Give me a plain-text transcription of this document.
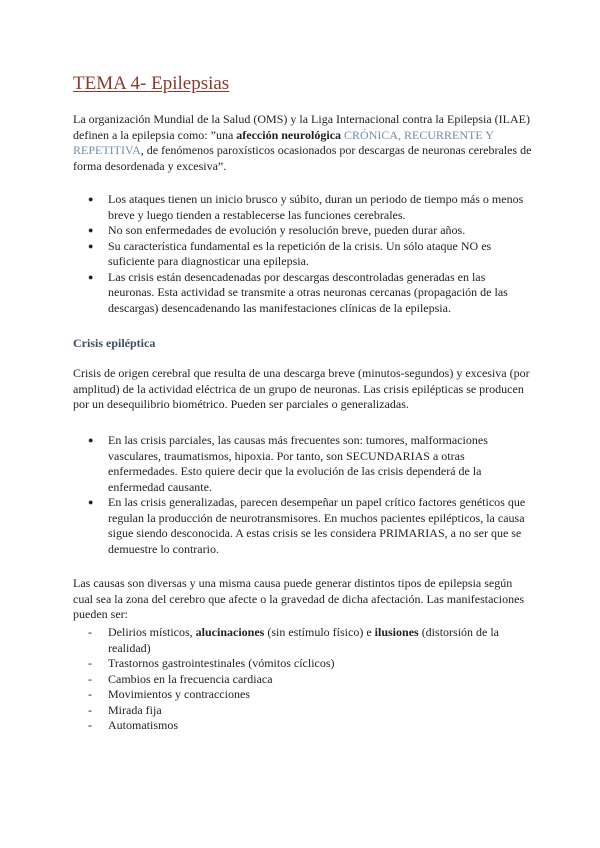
TEMA 4- Epilepsias

La organización Mundial de la Salud (OMS) y la Liga Internacional contra la Epilepsia (ILAE) definen a la epilepsia como: ”una afección neurológica CRÓNICA, RECURRENTE Y REPETITIVA, de fenómenos paroxísticos ocasionados por descargas de neuronas cerebrales de forma desordenada y excesiva”.

● Los ataques tienen un inicio brusco y súbito, duran un periodo de tiempo más o menos breve y luego tienden a restablecerse las funciones cerebrales.
● No son enfermedades de evolución y resolución breve, pueden durar años.
● Su característica fundamental es la repetición de la crisis. Un sólo ataque NO es suficiente para diagnosticar una epilepsia.
● Las crisis están desencadenadas por descargas descontroladas generadas en las neuronas. Esta actividad se transmite a otras neuronas cercanas (propagación de las descargas) desencadenando las manifestaciones clínicas de la epilepsia.
Crisis epiléptica

Crisis de origen cerebral que resulta de una descarga breve (minutos-segundos) y excesiva (por amplitud) de la actividad eléctrica de un grupo de neuronas. Las crisis epilépticas se producen por un desequilibrio biométrico. Pueden ser parciales o generalizadas.

● En las crisis parciales, las causas más frecuentes son: tumores, malformaciones vasculares, traumatismos, hipoxia. Por tanto, son SECUNDARIAS a otras enfermedades. Esto quiere decir que la evolución de las crisis dependerá de la enfermedad causante.
● En las crisis generalizadas, parecen desempeñar un papel crítico factores genéticos que regulan la producción de neurotransmisores. En muchos pacientes epilépticos, la causa sigue siendo desconocida. A estas crisis se les considera PRIMARIAS, a no ser que se demuestre lo contrario.

Las causas son diversas y una misma causa puede generar distintos tipos de epilepsia según cual sea la zona del cerebro que afecte o la gravedad de dicha afectación. Las manifestaciones pueden ser:

- Delirios místicos, alucinaciones (sin estímulo físico) e ilusiones (distorsión de la realidad)
- Trastornos gastrointestinales (vómitos cíclicos)
- Cambios en la frecuencia cardiaca
- Movimientos y contracciones
- Mirada fija
- Automatismos
